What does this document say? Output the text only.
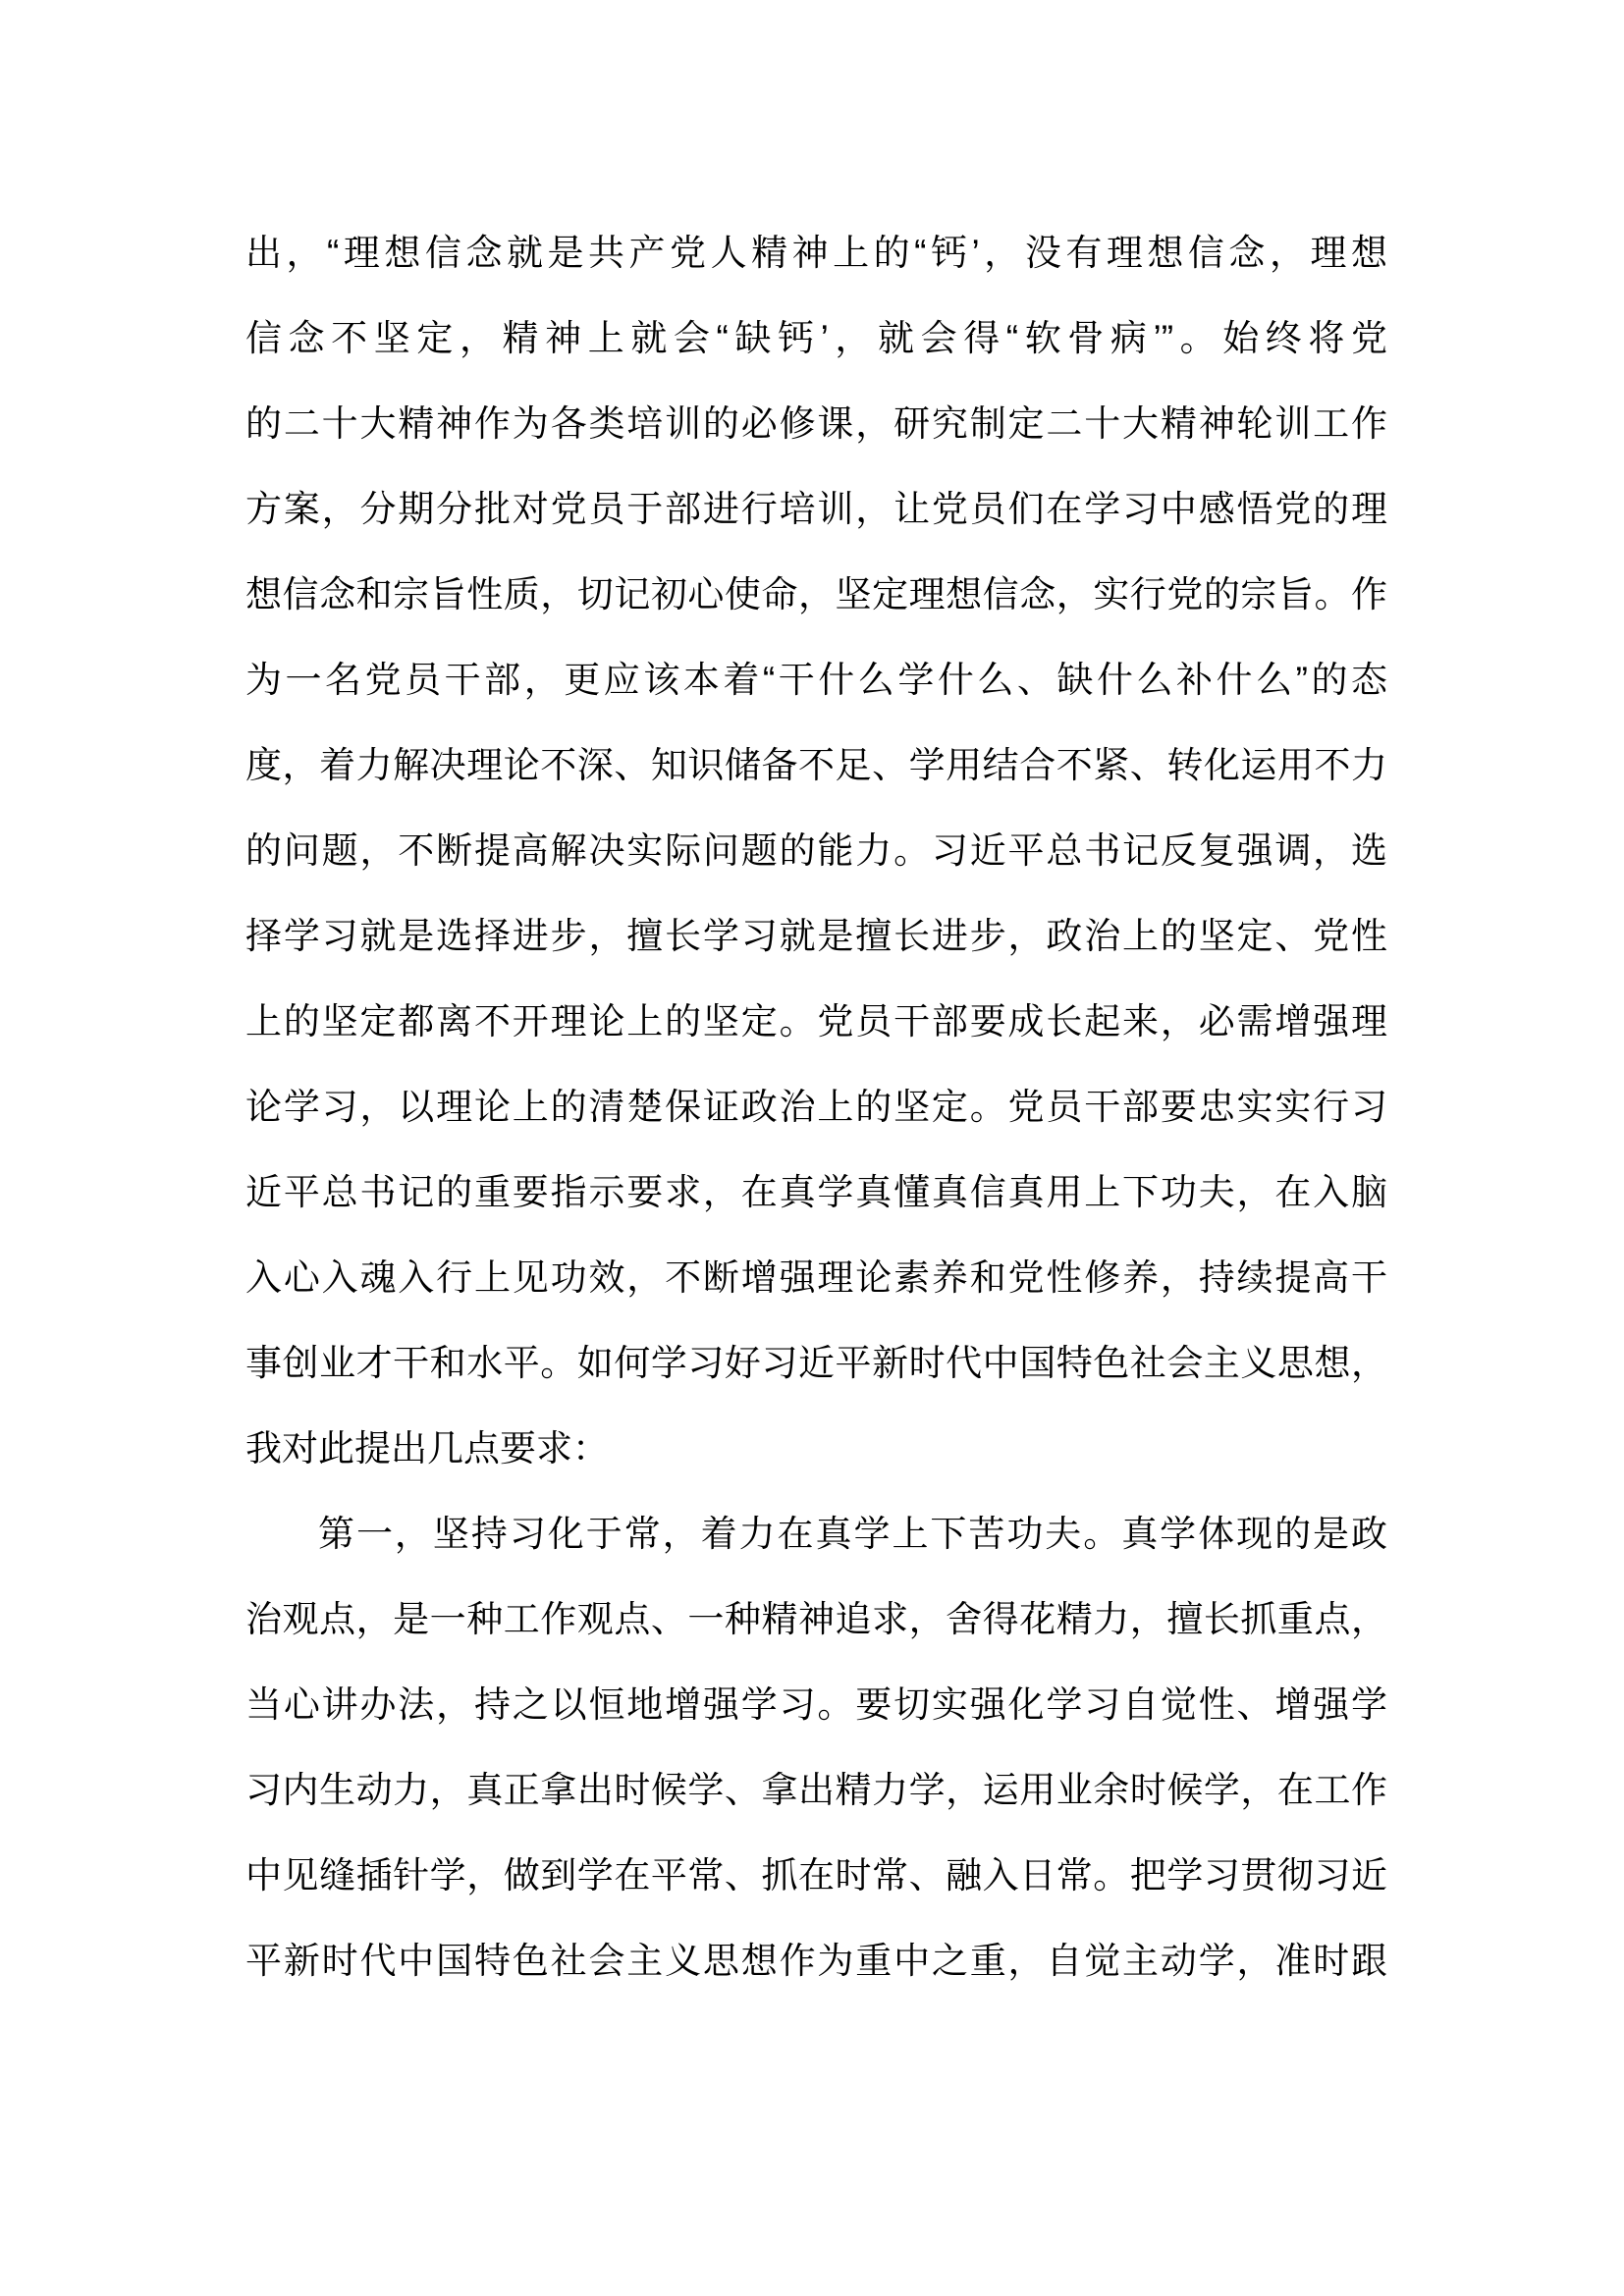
出，“理想信念就是共产党人精神上的“钙’，没有理想信念，理想
信念不坚定，精神上就会“缺钙’，就会得“软骨病’”。始终将党
的二十大精神作为各类培训的必修课，研究制定二十大精神轮训工作
方案，分期分批对党员于部进行培训，让党员们在学习中感悟党的理
想信念和宗旨性质，切记初心使命，坚定理想信念，实行党的宗旨。作
为一名党员干部，更应该本着“干什么学什么、缺什么补什么”的态
度，着力解决理论不深、知识储备不足、学用结合不紧、转化运用不力
的问题，不断提高解决实际问题的能力。习近平总书记反复强调，选
择学习就是选择进步，擅长学习就是擅长进步，政治上的坚定、党性
上的坚定都离不开理论上的坚定。党员干部要成长起来，必需增强理
论学习，以理论上的清楚保证政治上的坚定。党员干部要忠实实行习
近平总书记的重要指示要求，在真学真懂真信真用上下功夫，在入脑
入心入魂入行上见功效，不断增强理论素养和党性修养，持续提高干
事创业才干和水平。如何学习好习近平新时代中国特色社会主义思想，
我对此提出几点要求：
第一，坚持习化于常，着力在真学上下苦功夫。真学体现的是政
治观点，是一种工作观点、一种精神追求，舍得花精力，擅长抓重点，
当心讲办法，持之以恒地增强学习。要切实强化学习自觉性、增强学
习内生动力，真正拿出时候学、拿出精力学，运用业余时候学，在工作
中见缝插针学，做到学在平常、抓在时常、融入日常。把学习贯彻习近
平新时代中国特色社会主义思想作为重中之重，自觉主动学，准时跟
